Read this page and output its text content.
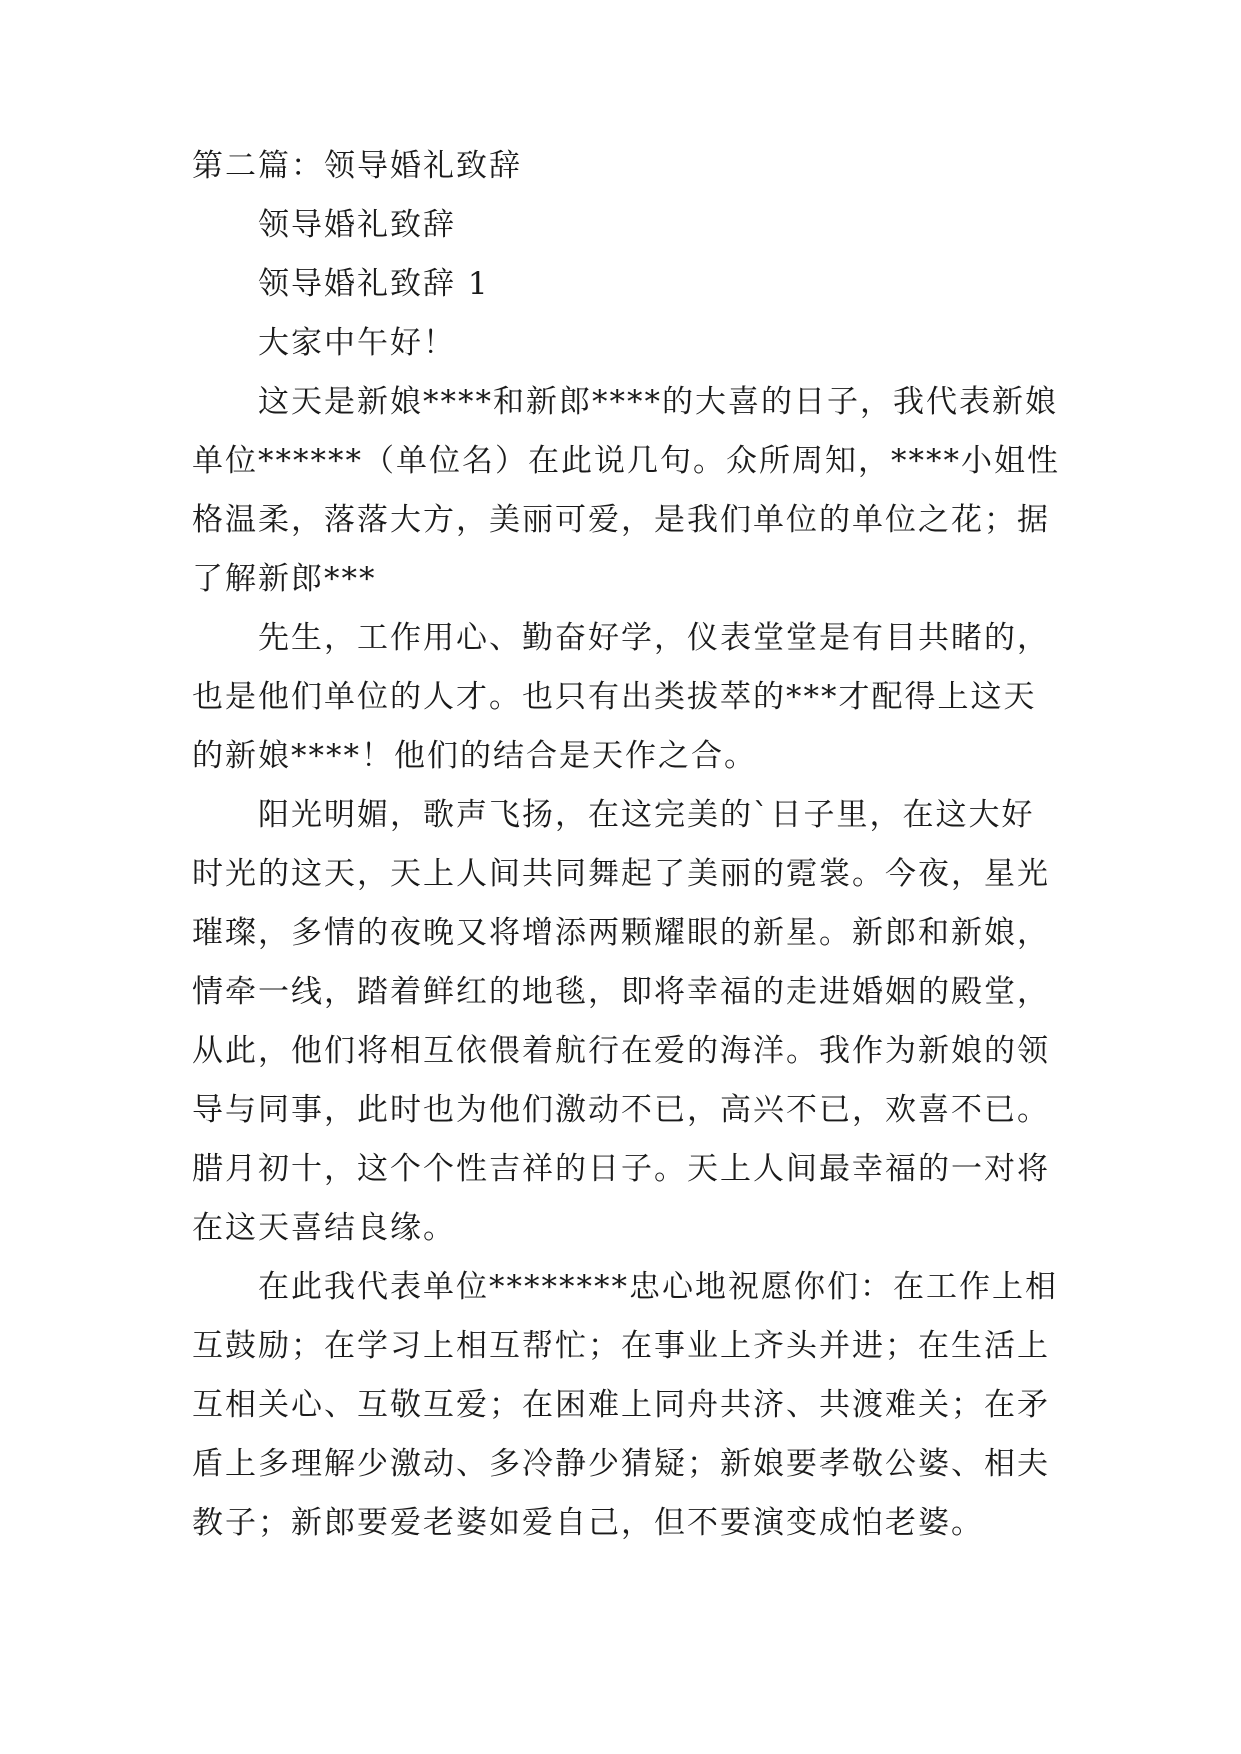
第二篇：领导婚礼致辞
领导婚礼致辞
领导婚礼致辞 1
大家中午好！
这天是新娘****和新郎****的大喜的日子，我代表新娘
单位******（单位名）在此说几句。众所周知，****小姐性
格温柔，落落大方，美丽可爱，是我们单位的单位之花；据
了解新郎***
先生，工作用心、勤奋好学，仪表堂堂是有目共睹的，
也是他们单位的人才。也只有出类拔萃的***才配得上这天
的新娘****！他们的结合是天作之合。
阳光明媚，歌声飞扬，在这完美的`日子里，在这大好
时光的这天，天上人间共同舞起了美丽的霓裳。今夜，星光
璀璨，多情的夜晚又将增添两颗耀眼的新星。新郎和新娘，
情牵一线，踏着鲜红的地毯，即将幸福的走进婚姻的殿堂，
从此，他们将相互依偎着航行在爱的海洋。我作为新娘的领
导与同事，此时也为他们激动不已，高兴不已，欢喜不已。
腊月初十，这个个性吉祥的日子。天上人间最幸福的一对将
在这天喜结良缘。
在此我代表单位********忠心地祝愿你们：在工作上相
互鼓励；在学习上相互帮忙；在事业上齐头并进；在生活上
互相关心、互敬互爱；在困难上同舟共济、共渡难关；在矛
盾上多理解少激动、多冷静少猜疑；新娘要孝敬公婆、相夫
教子；新郎要爱老婆如爱自己，但不要演变成怕老婆。
